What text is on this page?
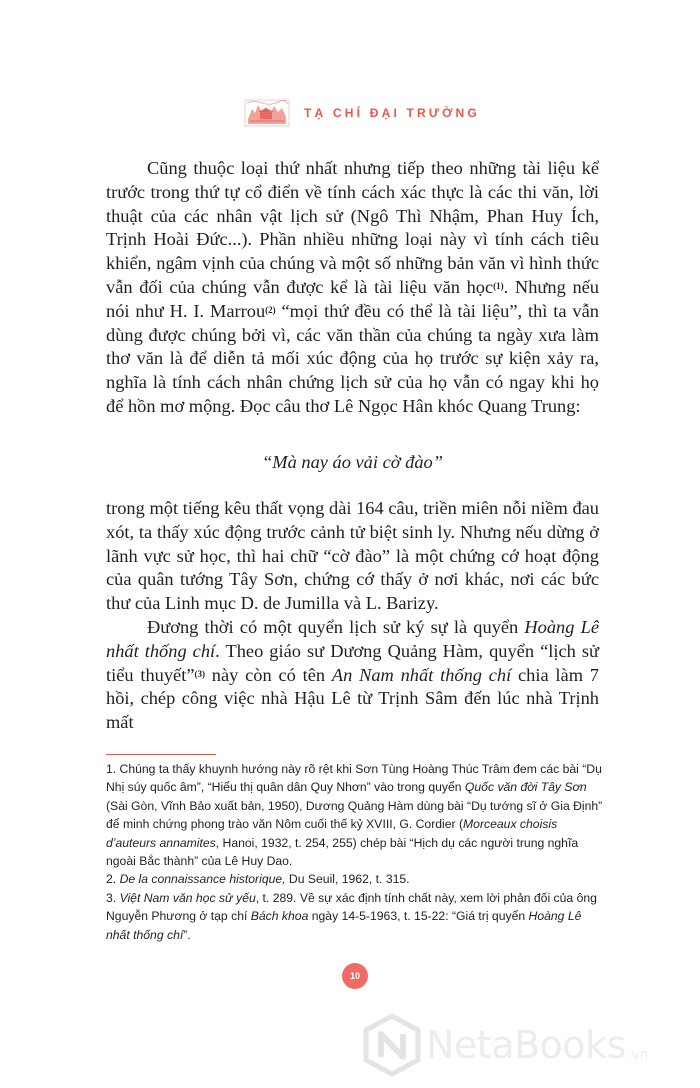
TẠ CHÍ ĐẠI TRƯỜNG

Cũng thuộc loại thứ nhất nhưng tiếp theo những tài liệu kể trước trong thứ tự cổ điển về tính cách xác thực là các thi văn, lời thuật của các nhân vật lịch sử (Ngô Thì Nhậm, Phan Huy Ích, Trịnh Hoài Đức...). Phần nhiều những loại này vì tính cách tiêu khiển, ngâm vịnh của chúng và một số những bản văn vì hình thức vẫn đối của chúng vẫn được kể là tài liệu văn học$^{(1)}$. Nhưng nếu nói như H. I. Marrou$^{(2)}$ “mọi thứ đều có thể là tài liệu”, thì ta vẫn dùng được chúng bởi vì, các văn thần của chúng ta ngày xưa làm thơ văn là để diễn tả mối xúc động của họ trước sự kiện xảy ra, nghĩa là tính cách nhân chứng lịch sử của họ vẫn có ngay khi họ để hồn mơ mộng. Đọc câu thơ Lê Ngọc Hân khóc Quang Trung:

“Mà nay áo vải cờ đào”

trong một tiếng kêu thất vọng dài 164 câu, triền miên nỗi niềm đau xót, ta thấy xúc động trước cảnh tử biệt sinh ly. Nhưng nếu dừng ở lãnh vực sử học, thì hai chữ “cờ đào” là một chứng cớ hoạt động của quân tướng Tây Sơn, chứng cớ thấy ở nơi khác, nơi các bức thư của Linh mục D. de Jumilla và L. Barizy.

Đương thời có một quyển lịch sử ký sự là quyển Hoàng Lê nhất thống chí. Theo giáo sư Dương Quảng Hàm, quyển “lịch sử tiểu thuyết”$^{(3)}$ này còn có tên An Nam nhất thống chí chia làm 7 hồi, chép công việc nhà Hậu Lê từ Trịnh Sâm đến lúc nhà Trịnh mất

1. Chúng ta thấy khuynh hướng này rõ rệt khi Sơn Tùng Hoàng Thúc Trâm đem các bài “Dụ Nhị súy quốc âm”, “Hiểu thị quân dân Quy Nhơn” vào trong quyển Quốc văn đời Tây Sơn (Sài Gòn, Vĩnh Bảo xuất bản, 1950), Dương Quảng Hàm dùng bài “Dụ tướng sĩ ở Gia Định” để minh chứng phong trào văn Nôm cuối thế kỷ XVIII, G. Cordier (Morceaux choisis d’auteurs annamites, Hanoi, 1932, t. 254, 255) chép bài “Hịch dụ các người trung nghĩa ngoài Bắc thành” của Lê Huy Dao.

2. De la connaissance historique, Du Seuil, 1962, t. 315.

3. Việt Nam văn học sử yếu, t. 289. Về sự xác định tính chất này, xem lời phản đối của ông Nguyễn Phương ở tạp chí Bách khoa ngày 14-5-1963, t. 15-22: “Giá trị quyển Hoàng Lê nhất thống chí”.

10
NetaBooks .vn
